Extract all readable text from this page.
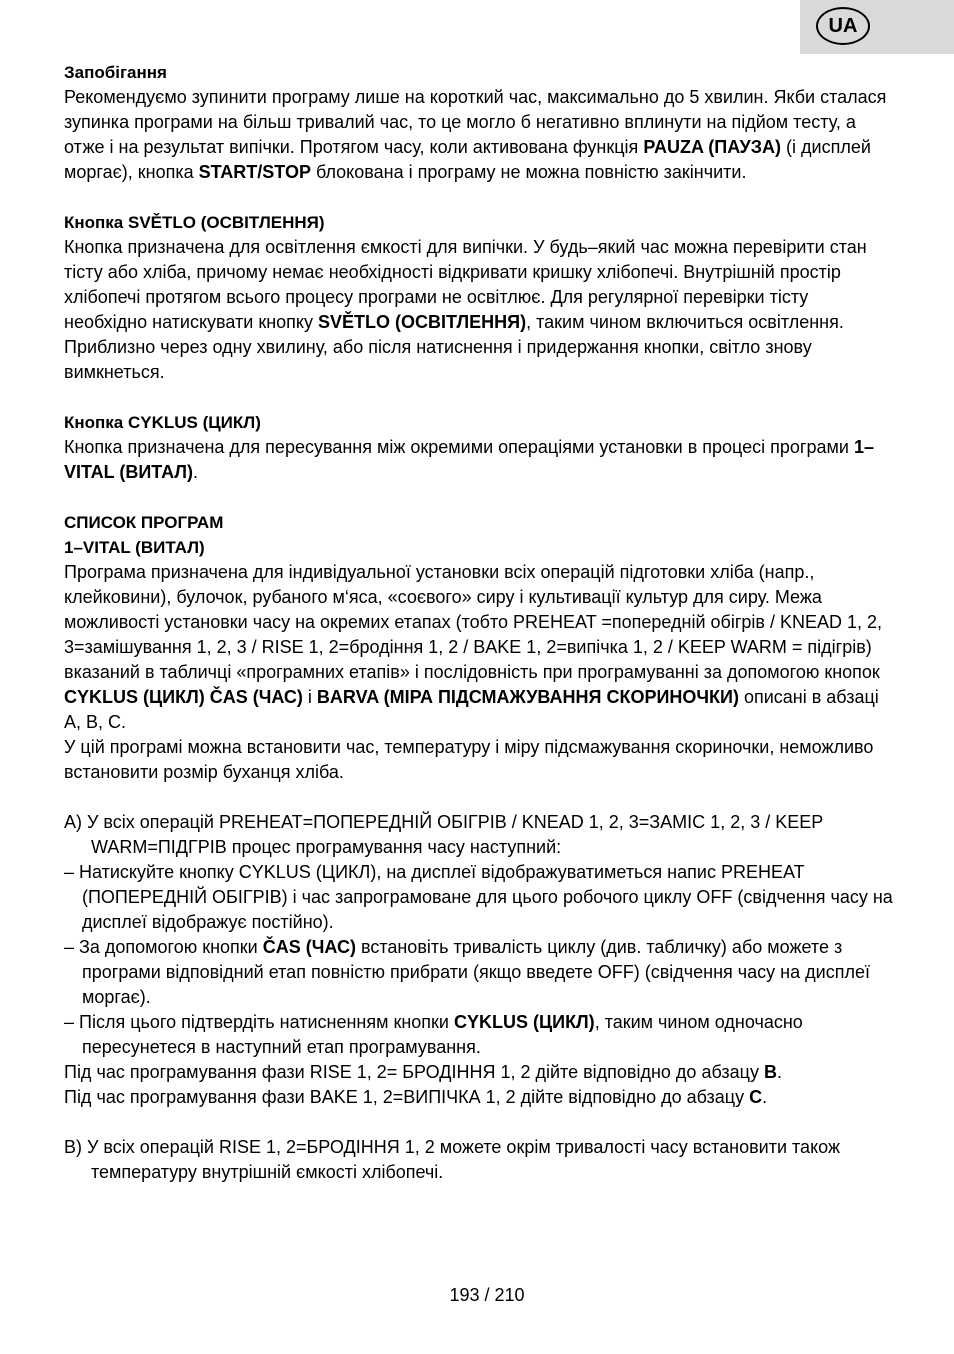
UA

Запобігання

Рекомендуємо зупинити програму лише на короткий час, максимально до 5 хвилин. Якби сталася зупинка програми на більш тривалий час, то це могло б негативно вплинути на підйом тесту, а отже і на результат випічки. Протягом часу, коли активована функція PAUZA (ПАУЗА) (і дисплей моргає), кнопка START/STOP блокована і програму не можна повністю закінчити.

Кнопка SVĚTLO (ОСВІТЛЕННЯ)

Кнопка призначена для освітлення ємкості для випічки. У будь–який час можна перевірити стан тісту або хліба, причому немає необхідності відкривати кришку хлібопечі. Внутрішній простір хлібопечі протягом всього процесу програми не освітлює. Для регулярної перевірки тісту необхідно натискувати кнопку SVĚTLO (ОСВІТЛЕННЯ), таким чином включиться освітлення. Приблизно через одну хвилину, або після натиснення і придержання кнопки, світло знову вимкнеться.

Кнопка CYKLUS (ЦИКЛ)

Кнопка призначена для пересування між окремими операціями установки в процесі програми 1–VITAL (ВИТАЛ).

СПИСОК ПРОГРАМ

1–VITAL (ВИТАЛ)

Програма призначена для індивідуальної установки всіх операцій підготовки хліба (напр., клейковини), булочок, рубаного м‘яса, «соєвого» сиру і культивації культур для сиру. Межа можливості установки часу на окремих етапах (тобто PREHEAT =попередній обігрів / KNEAD 1, 2, 3=замішування 1, 2, 3 / RISE 1, 2=бродіння 1, 2 / BAKE 1, 2=випічка 1, 2 / KEEP WARM = підігрів) вказаний в табличці «програмних етапів» і послідовність при програмуванні за допомогою кнопок CYKLUS (ЦИКЛ) ČAS (ЧАС) і BARVA (МІРА ПІДСМАЖУВАННЯ СКОРИНОЧКИ) описані в абзаці А, В, С.

У цій програмі можна встановити час, температуру і міру підсмажування скориночки, неможливо встановити розмір буханця хліба.

А) У всіх операцій PREHEAT=ПОПЕРЕДНІЙ ОБІГРІВ / KNEAD 1, 2, 3=ЗАМІС 1, 2, 3 / KEEP WARM=ПІДГРІВ процес програмування часу наступний:

– Натискуйте кнопку CYKLUS (ЦИКЛ), на дисплеї відображуватиметься напис PREHEAT (ПОПЕРЕДНІЙ ОБІГРІВ) і час запрограмоване для цього робочого циклу OFF (свідчення часу на дисплеї відображує постійно).

– За допомогою кнопки ČAS (ЧАС) встановіть тривалість циклу (див. табличку) або можете з програми відповідний етап повністю прибрати (якщо введете OFF) (свідчення часу на дисплеї моргає).

– Після цього підтвердіть натисненням кнопки CYKLUS (ЦИКЛ), таким чином одночасно пересунетеся в наступний етап програмування.

Під час програмування фази RISE 1, 2= БРОДІННЯ 1, 2 дійте відповідно до абзацу B.

Під час програмування фази BAKE 1, 2=ВИПІЧКА 1, 2 дійте відповідно до абзацу C.

В) У всіх операцій RISE 1, 2=БРОДІННЯ 1, 2 можете окрім тривалості часу встановити також температуру внутрішній ємкості хлібопечі.

193 / 210
